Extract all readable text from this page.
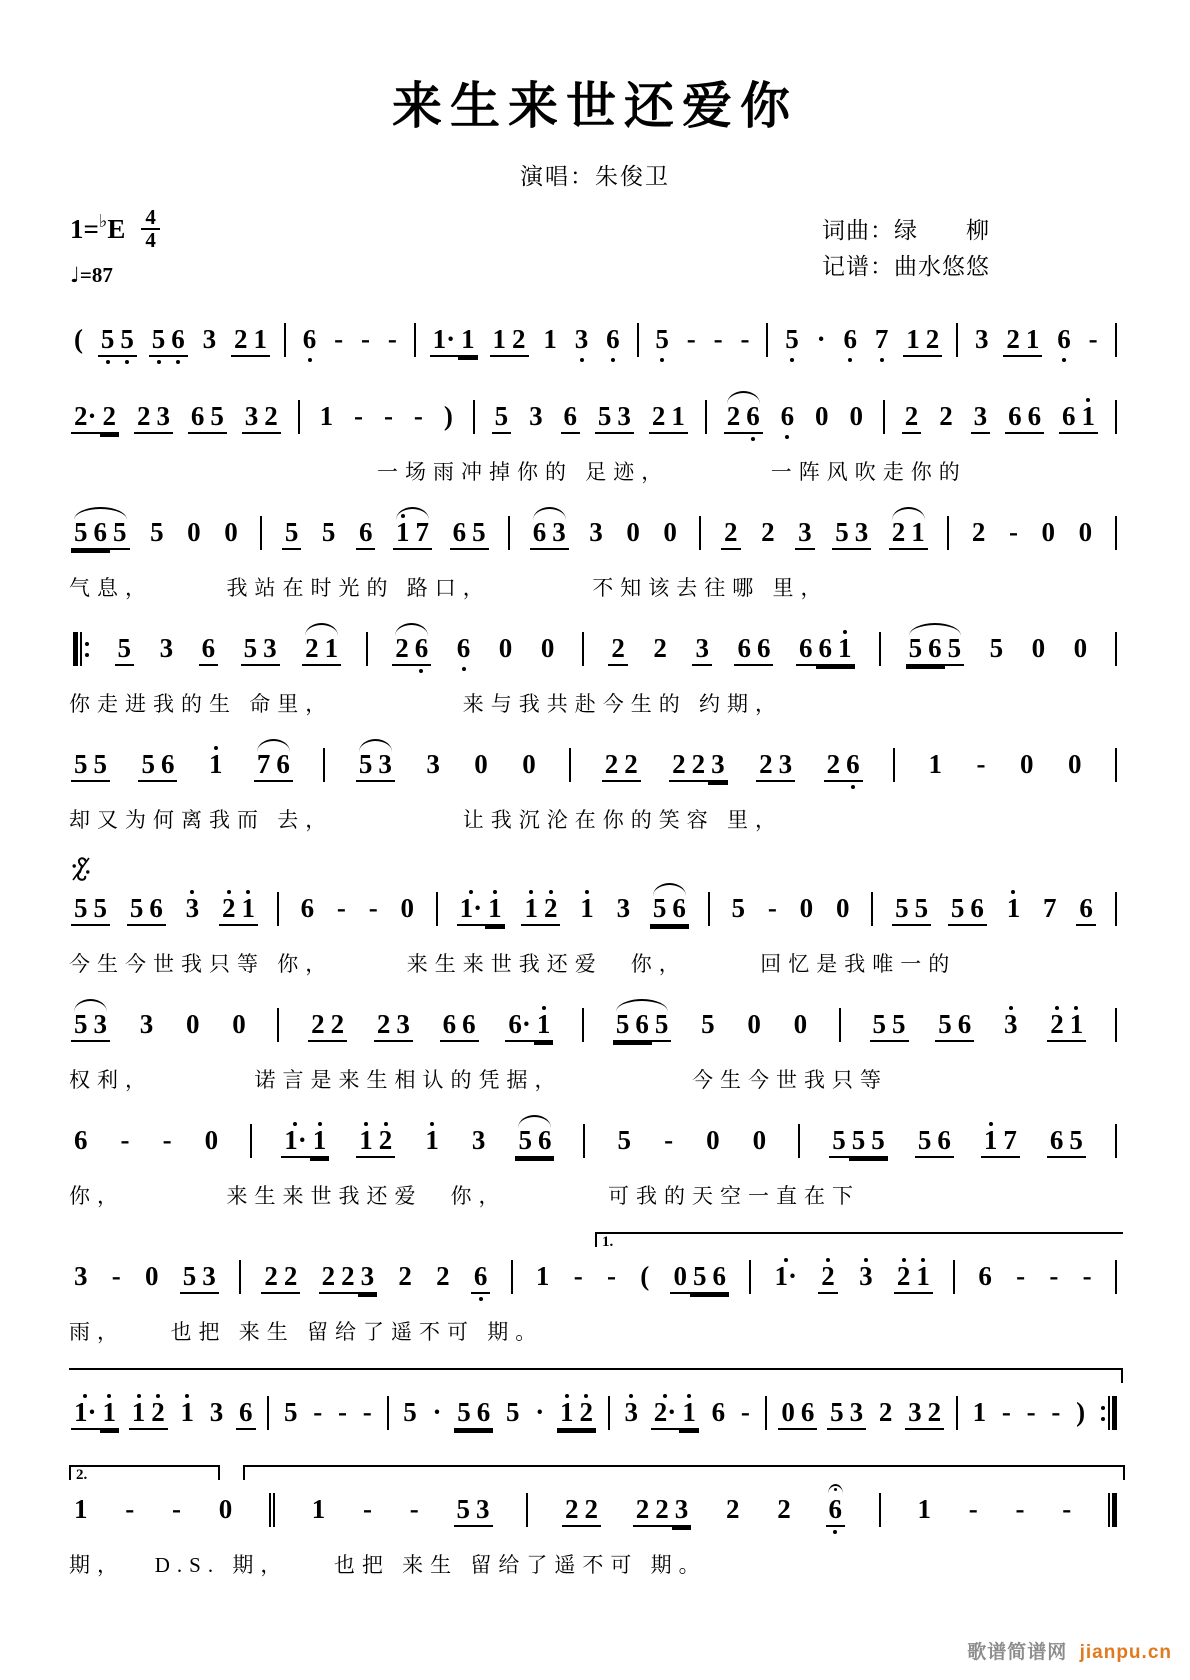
来生来世还爱你
演唱：朱俊卫
1= ♭ E $\frac{4}{4}$
♩=87
词曲：绿　　柳
记谱：曲水悠悠
( 5 5 5 6 3 2 1 6 - - - 1· 1 1 2 1 3 6 5 - - - 5 · 6 7 1 2 3 2 1 6 -
2· 2 2 3 6 5 3 2 1 - - - ) 5 3 6 5 3 2 1 2 6 6 0 0 2 2 3 6 6 6 1
　　　　　　　　　　　一场雨冲掉你的 足迹，　　　　一阵风吹走你的
5 6 5 5 0 0 5 5 6 1 7 6 5 6 3 3 0 0 2 2 3 5 3 2 1 2 - 0 0
气息，　　　我站在时光的 路口，　　　　不知该去往哪 里，
5 3 6 5 3 2 1 2 6 6 0 0 2 2 3 6 6 6 6 1 5 6 5 5 0 0
你走进我的生 命里，　　　　　来与我共赴今生的 约期，
5 5 5 6 1 7 6	5 3 3 0 0	2 2 2 2 3 2 3 2 6	1 - 0 0
却又为何离我而 去，　　　　　让我沉沦在你的笑容 里，
5 5 5 6 3 2 1 6 - - 0 1· 1 1 2 1 3 5 6 5 - 0 0 5 5 5 6 1 7 6
今生今世我只等 你，　　　来生来世我还爱　你，　　　回忆是我唯一的
5 3 3 0 0 2 2 2 3 6 6 6· 1 5 6 5 5 0 0 5 5 5 6 3 2 1
权利，　　　　诺言是来生相认的凭据，　　　　　今生今世我只等
6 - - 0 1· 1 1 2 1 3 5 6 5 - 0 0 5 5 5 5 6 1 7 6 5
你，　　　　来生来世我还爱　你，　　　　可我的天空一直在下
1.
3 - 0 5 3 2 2 2 2 3 2 2 6 1 - - ( 0 5 6 1· 2 3 2 1 6 - - -
雨，　　也把 来生 留给了遥不可 期。
1· 1 1 2 1 3 6 5 - - - 5 · 5 6 5 · 1 2 3 2· 1 6 - 0 6 5 3 2 3 2 1 - - - )
2.
1 - - 0	1 - - 5 3	2 2 2 2 3 2 2 6	1 - - -
期，　 D.S. 期，　　也把 来生 留给了遥不可 期。
歌谱简谱网 jianpu.cn
